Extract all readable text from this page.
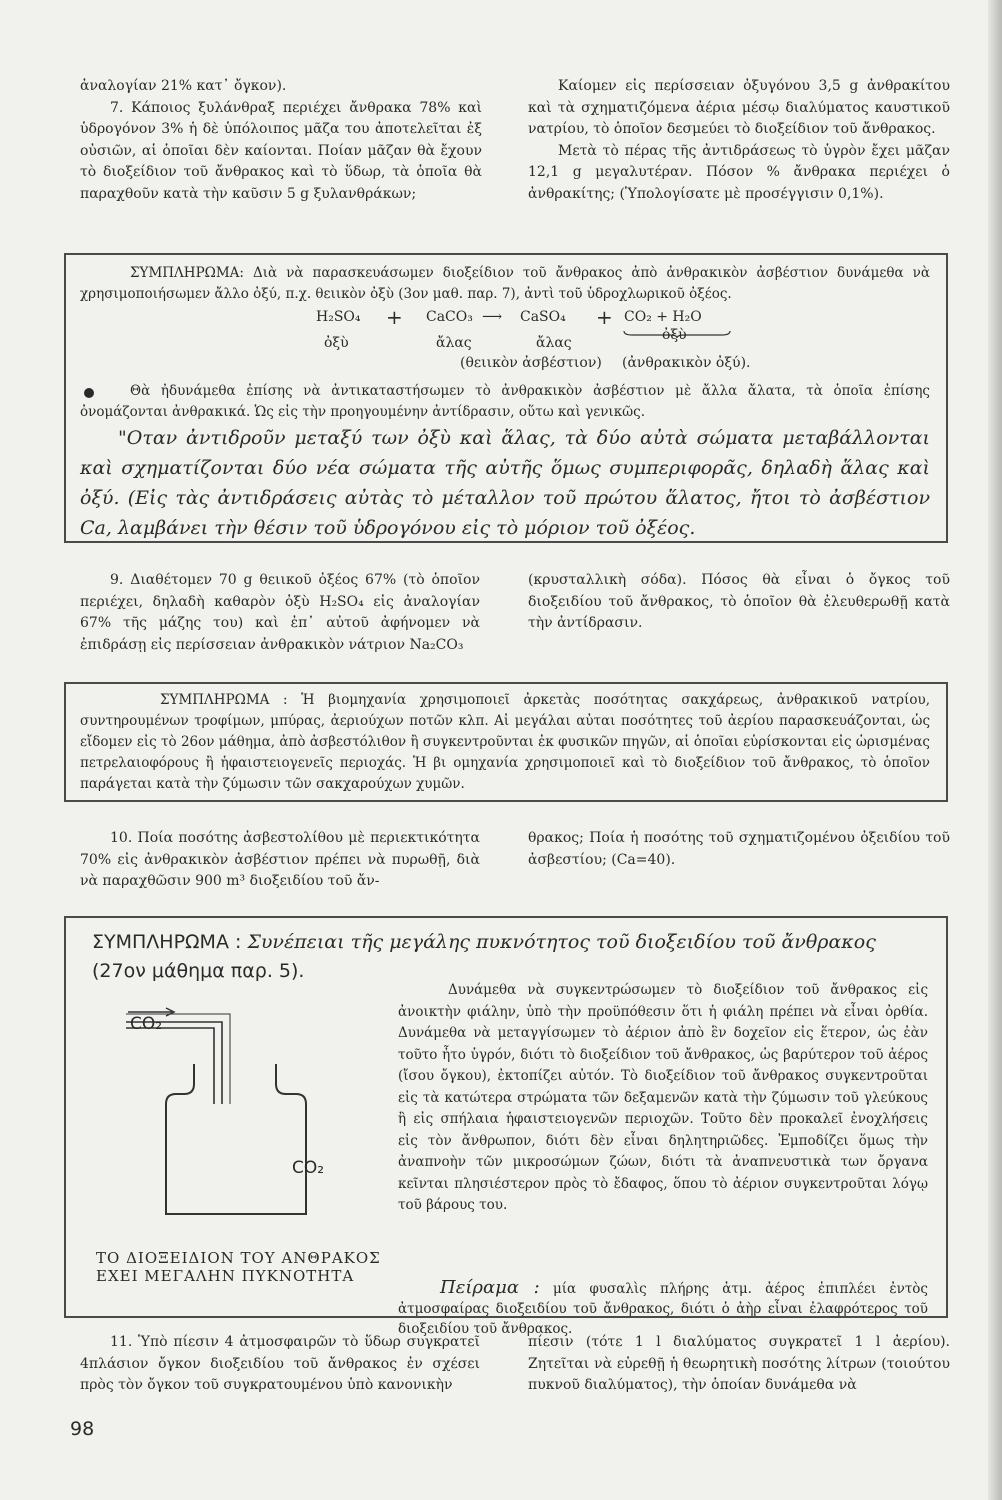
ἀναλογίαν 21% κατ᾽ ὄγκον).

7. Κάποιος ξυλάνθραξ περιέχει ἄνθρακα 78% καὶ ὑδρογόνον 3% ἡ δὲ ὑπόλοιπος μᾶζα του ἀποτελεῖται ἐξ οὐσιῶν, αἱ ὁποῖαι δὲν καίονται. Ποίαν μᾶζαν θὰ ἔχουν τὸ διοξείδιον τοῦ ἄνθρακος καὶ τὸ ὕδωρ, τὰ ὁποῖα θὰ παραχθοῦν κατὰ τὴν καῦσιν 5 g ξυλανθράκων;

Καίομεν εἰς περίσσειαν ὀξυγόνου 3,5 g ἀνθρακίτου καὶ τὰ σχηματιζόμενα ἀέρια μέσῳ διαλύματος καυστικοῦ νατρίου, τὸ ὁποῖον δεσμεύει τὸ διοξείδιον τοῦ ἄνθρακος.

Μετὰ τὸ πέρας τῆς ἀντιδράσεως τὸ ὑγρὸν ἔχει μᾶζαν 12,1 g μεγαλυτέραν. Πόσον % ἄνθρακα περιέχει ὁ ἀνθρακίτης; (Ὑπολογίσατε μὲ προσέγγισιν 0,1%).

ΣΥΜΠΛΗΡΩΜΑ: Διὰ νὰ παρασκευάσωμεν διοξείδιον τοῦ ἄνθρακος ἀπὸ ἀνθρακικὸν ἀσβέστιον δυνάμεθα νὰ χρησιμοποιήσωμεν ἄλλο ὀξύ, π.χ. θειικὸν ὀξὺ (3ον μαθ. παρ. 7), ἀντὶ τοῦ ὑδροχλωρικοῦ ὀξέος.
H₂SO₄ + CaCO₃ ⟶ CaSO₄ + CO₂ + H₂O
ὀξὺ	ἄλας	ἄλας	ὀξὺ
(θειικὸν ἀσβέστιον) (ἀνθρακικὸν ὀξύ).
Θὰ ἠδυνάμεθα ἐπίσης νὰ ἀντικαταστήσωμεν τὸ ἀνθρακικὸν ἀσβέστιον μὲ ἄλλα ἄλατα, τὰ ὁποῖα ἐπίσης ὀνομάζονται ἀνθρακικά. Ὡς εἰς τὴν προηγουμένην ἀντίδρασιν, οὕτω καὶ γενικῶς.
"Οταν ἀντιδροῦν μεταξύ των ὀξὺ καὶ ἅλας, τὰ δύο αὐτὰ σώματα μεταβάλλονται καὶ σχηματίζονται δύο νέα σώματα τῆς αὐτῆς ὅμως συμπεριφορᾶς, δηλαδὴ ἅλας καὶ ὀξύ. (Εἰς τὰς ἀντιδράσεις αὐτὰς τὸ μέταλλον τοῦ πρώτου ἅλατος, ἤτοι τὸ ἀσβέστιον Ca, λαμβάνει τὴν θέσιν τοῦ ὑδρογόνου εἰς τὸ μόριον τοῦ ὀξέος.

9. Διαθέτομεν 70 g θειικοῦ ὀξέος 67% (τὸ ὁποῖον περιέχει, δηλαδὴ καθαρὸν ὀξὺ H₂SO₄ εἰς ἀναλογίαν 67% τῆς μάζης του) καὶ ἐπ᾽ αὐτοῦ ἀφήνομεν νὰ ἐπιδράσῃ εἰς περίσσειαν ἀνθρακικὸν νάτριον Na₂CO₃

(κρυσταλλικὴ σόδα). Πόσος θὰ εἶναι ὁ ὄγκος τοῦ διοξειδίου τοῦ ἄνθρακος, τὸ ὁποῖον θὰ ἐλευθερωθῇ κατὰ τὴν ἀντίδρασιν.

ΣΥΜΠΛΗΡΩΜΑ : Ἡ βιομηχανία χρησιμοποιεῖ ἀρκετὰς ποσότητας σακχάρεως, ἀνθρακικοῦ νατρίου, συντηρουμένων τροφίμων, μπύρας, ἀεριούχων ποτῶν κλπ. Αἱ μεγάλαι αὐται ποσότητες τοῦ ἀερίου παρασκευάζονται, ὡς εἴδομεν εἰς τὸ 26ον μάθημα, ἀπὸ ἀσβεστόλιθον ἢ συγκεντροῦνται ἐκ φυσικῶν πηγῶν, αἱ ὁποῖαι εὑρίσκονται εἰς ὡρισμένας πετρελαιοφόρους ἢ ἡφαιστειογενεῖς περιοχάς. Ἡ βι ομηχανία χρησιμοποιεῖ καὶ τὸ διοξείδιον τοῦ ἄνθρακος, τὸ ὁποῖον παράγεται κατὰ τὴν ζύμωσιν τῶν σακχαρούχων χυμῶν.

10. Ποία ποσότης ἀσβεστολίθου μὲ περιεκτικότητα 70% εἰς ἀνθρακικὸν ἀσβέστιον πρέπει νὰ πυρωθῇ, διὰ νὰ παραχθῶσιν 900 m³ διοξειδίου τοῦ ἄν-

θρακος; Ποία ἡ ποσότης τοῦ σχηματιζομένου ὀξειδίου τοῦ ἀσβεστίου; (Ca=40).

ΣΥΜΠΛΗΡΩΜΑ : Συνέπειαι τῆς μεγάλης πυκνότητος τοῦ διοξειδίου τοῦ ἄνθρακος (27ον μάθημα παρ. 5).
CO₂
CO₂
ΤΟ ΔΙΟΞΕΙΔΙΟΝ ΤΟΥ ΑΝΘΡΑΚΟΣ
ΕΧΕΙ ΜΕΓΑΛΗΝ ΠΥΚΝΟΤΗΤΑ
Δυνάμεθα νὰ συγκεντρώσωμεν τὸ διοξείδιον τοῦ ἄνθρακος εἰς ἀνοικτὴν φιάλην, ὑπὸ τὴν προϋπόθεσιν ὅτι ἡ φιάλη πρέπει νὰ εἶναι ὀρθία. Δυνάμεθα νὰ μεταγγίσωμεν τὸ ἀέριον ἀπὸ ἓν δοχεῖον εἰς ἕτερον, ὡς ἐὰν τοῦτο ἦτο ὑγρόν, διότι τὸ διοξείδιον τοῦ ἄνθρακος, ὡς βαρύτερον τοῦ ἀέρος (ἴσου ὄγκου), ἐκτοπίζει αὐτόν. Τὸ διοξείδιον τοῦ ἄνθρακος συγκεντροῦται εἰς τὰ κατώτερα στρώματα τῶν δεξαμενῶν κατὰ τὴν ζύμωσιν τοῦ γλεύκους ἢ εἰς σπήλαια ἡφαιστειογενῶν περιοχῶν. Τοῦτο δὲν προκαλεῖ ἐνοχλήσεις εἰς τὸν ἄνθρωπον, διότι δὲν εἶναι δηλητηριῶδες. Ἐμποδίζει ὅμως τὴν ἀναπνοὴν τῶν μικροσώμων ζώων, διότι τὰ ἀναπνευστικὰ των ὄργανα κεῖνται πλησιέστερον πρὸς τὸ ἔδαφος, ὅπου τὸ ἀέριον συγκεντροῦται λόγῳ τοῦ βάρους του.
Πείραμα : μία φυσαλὶς πλήρης ἀτμ. ἀέρος ἐπιπλέει ἐντὸς ἀτμοσφαίρας διοξειδίου τοῦ ἄνθρακος, διότι ὁ ἀὴρ εἶναι ἐλαφρότερος τοῦ διοξειδίου τοῦ ἄνθρακος.

11. Ὑπὸ πίεσιν 4 ἀτμοσφαιρῶν τὸ ὕδωρ συγκρατεῖ 4πλάσιον ὄγκον διοξειδίου τοῦ ἄνθρακος ἐν σχέσει πρὸς τὸν ὄγκον τοῦ συγκρατουμένου ὑπὸ κανονικὴν

πίεσιν (τότε 1 l διαλύματος συγκρατεῖ 1 l ἀερίου). Ζητεῖται νὰ εὑρεθῇ ἡ θεωρητικὴ ποσότης λίτρων (τοιούτου πυκνοῦ διαλύματος), τὴν ὁποίαν δυνάμεθα νὰ

98
